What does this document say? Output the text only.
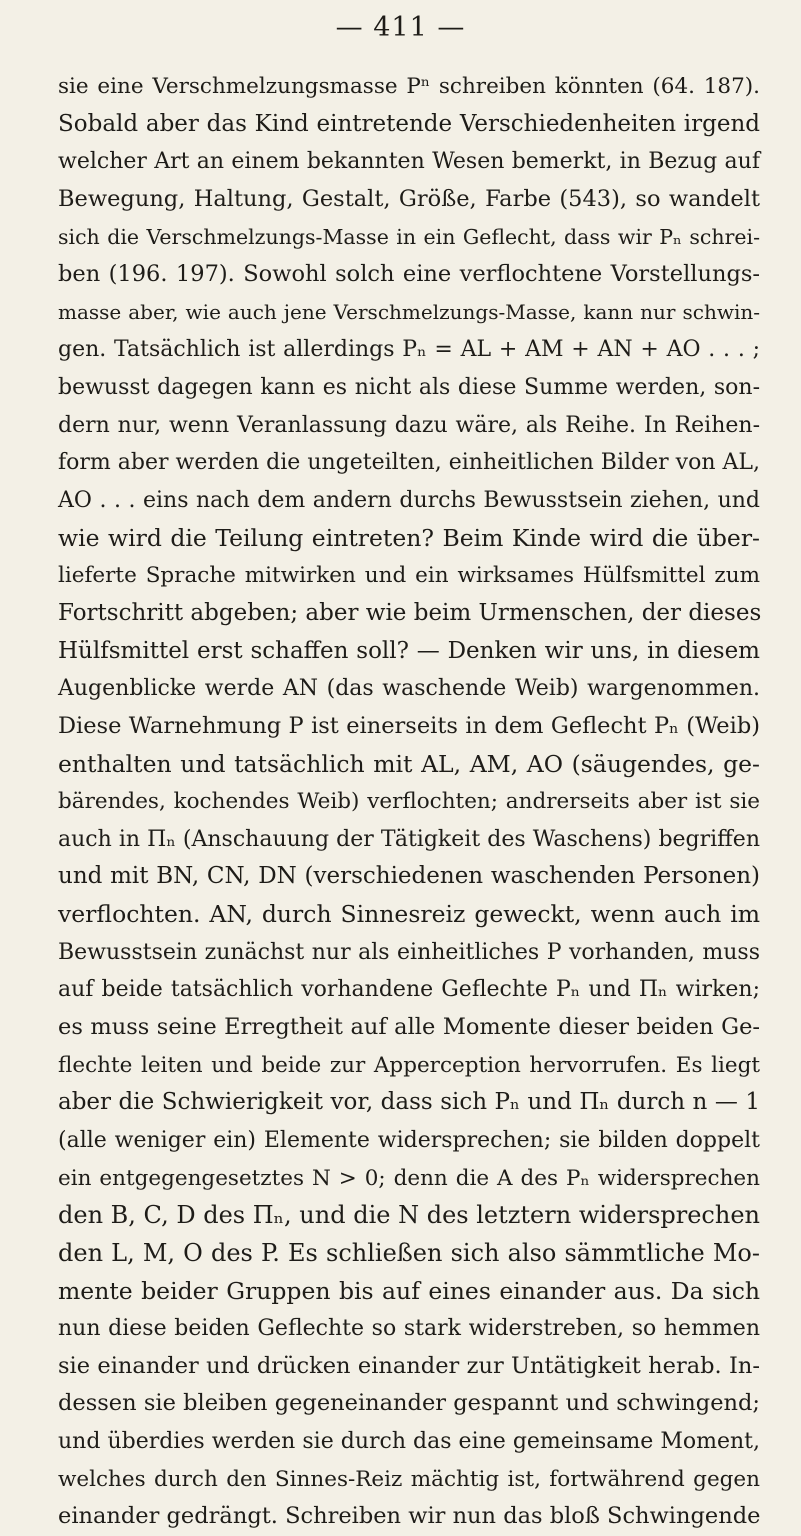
— 411 —
sie eine Verschmelzungsmasse Pⁿ schreiben könnten (64. 187).
Sobald aber das Kind eintretende Verschiedenheiten irgend
welcher Art an einem bekannten Wesen bemerkt, in Bezug auf
Bewegung, Haltung, Gestalt, Größe, Farbe (543), so wandelt
sich die Verschmelzungs-Masse in ein Geflecht, dass wir Pₙ schrei-
ben (196. 197). Sowohl solch eine verflochtene Vorstellungs-
masse aber, wie auch jene Verschmelzungs-Masse, kann nur schwin-
gen. Tatsächlich ist allerdings Pₙ = AL + AM + AN + AO . . . ;
bewusst dagegen kann es nicht als diese Summe werden, son-
dern nur, wenn Veranlassung dazu wäre, als Reihe. In Reihen-
form aber werden die ungeteilten, einheitlichen Bilder von AL,
AO . . . eins nach dem andern durchs Bewusstsein ziehen, und
wie wird die Teilung eintreten? Beim Kinde wird die über-
lieferte Sprache mitwirken und ein wirksames Hülfsmittel zum
Fortschritt abgeben; aber wie beim Urmenschen, der dieses
Hülfsmittel erst schaffen soll? — Denken wir uns, in diesem
Augenblicke werde AN (das waschende Weib) wargenommen.
Diese Warnehmung P ist einerseits in dem Geflecht Pₙ (Weib)
enthalten und tatsächlich mit AL, AM, AO (säugendes, ge-
bärendes, kochendes Weib) verflochten; andrerseits aber ist sie
auch in Πₙ (Anschauung der Tätigkeit des Waschens) begriffen
und mit BN, CN, DN (verschiedenen waschenden Personen)
verflochten. AN, durch Sinnesreiz geweckt, wenn auch im
Bewusstsein zunächst nur als einheitliches P vorhanden, muss
auf beide tatsächlich vorhandene Geflechte Pₙ und Πₙ wirken;
es muss seine Erregtheit auf alle Momente dieser beiden Ge-
flechte leiten und beide zur Apperception hervorrufen. Es liegt
aber die Schwierigkeit vor, dass sich Pₙ und Πₙ durch n — 1
(alle weniger ein) Elemente widersprechen; sie bilden doppelt
ein entgegengesetztes N > 0; denn die A des Pₙ widersprechen
den B, C, D des Πₙ, und die N des letztern widersprechen
den L, M, O des P. Es schließen sich also sämmtliche Mo-
mente beider Gruppen bis auf eines einander aus. Da sich
nun diese beiden Geflechte so stark widerstreben, so hemmen
sie einander und drücken einander zur Untätigkeit herab. In-
dessen sie bleiben gegeneinander gespannt und schwingend;
und überdies werden sie durch das eine gemeinsame Moment,
welches durch den Sinnes-Reiz mächtig ist, fortwährend gegen
einander gedrängt. Schreiben wir nun das bloß Schwingende
